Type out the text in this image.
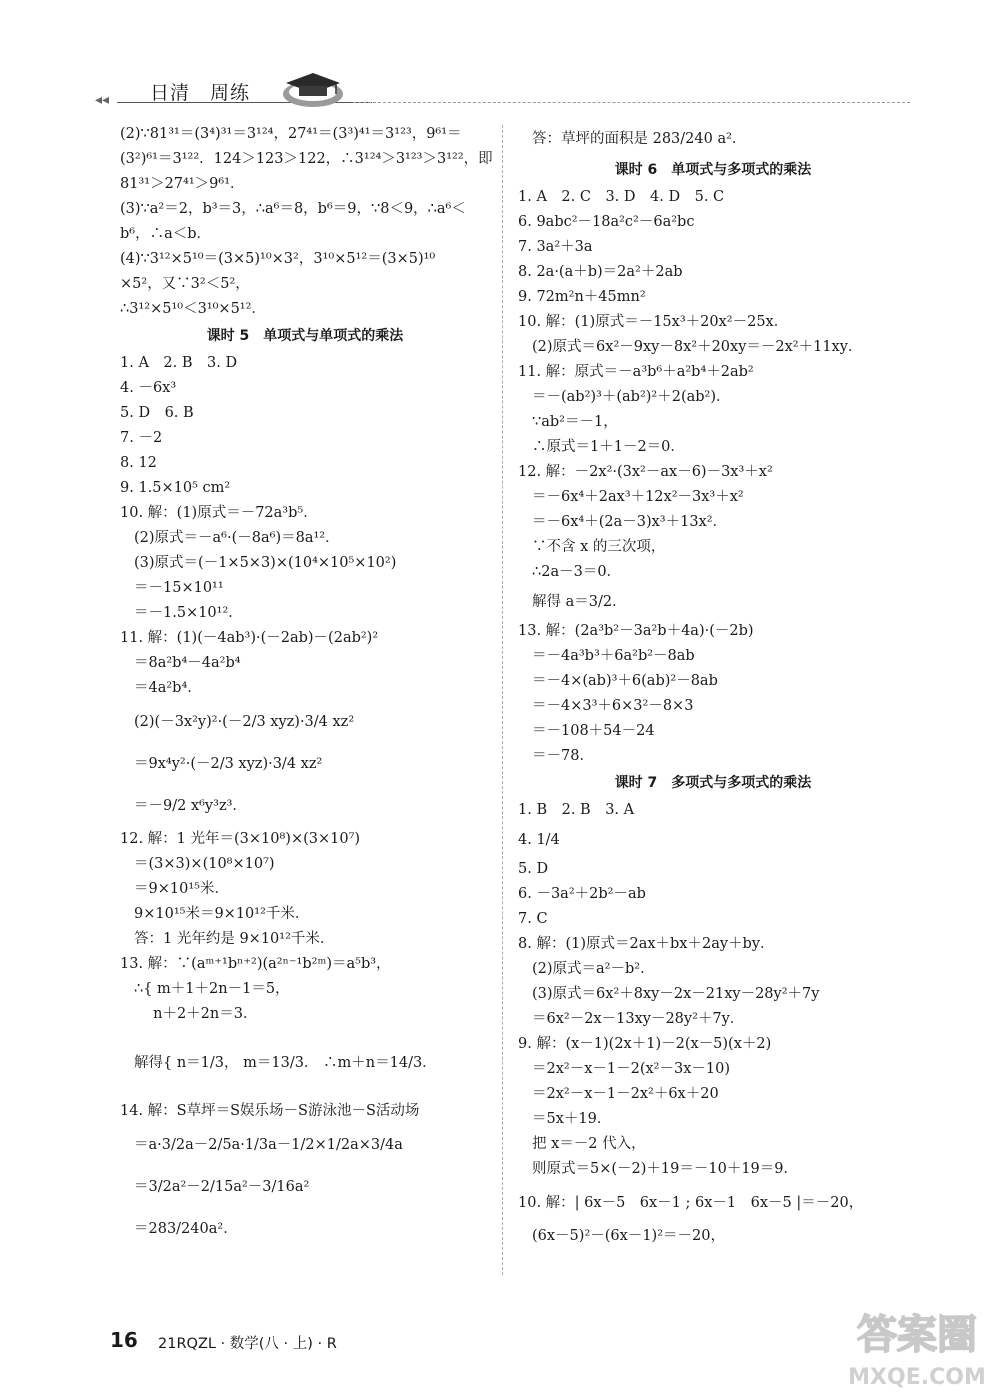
◂◂ 日清　周练
(2)∵81³¹＝(3⁴)³¹＝3¹²⁴，27⁴¹＝(3³)⁴¹＝3¹²³，9⁶¹＝
(3²)⁶¹＝3¹²²．124＞123＞122，∴3¹²⁴＞3¹²³＞3¹²²，即
81³¹＞27⁴¹＞9⁶¹．
(3)∵a²＝2，b³＝3，∴a⁶＝8，b⁶＝9，∵8＜9，∴a⁶＜
b⁶，∴a＜b．
(4)∵3¹²×5¹⁰＝(3×5)¹⁰×3²，3¹⁰×5¹²＝(3×5)¹⁰
×5²，又∵3²＜5²，
∴3¹²×5¹⁰＜3¹⁰×5¹²．
课时 5　单项式与单项式的乘法
1. A　2. B　3. D
4. －6x³
5. D　6. B
7. －2
8. 12
9. 1.5×10⁵ cm²
10. 解：(1)原式＝－72a³b⁵．
(2)原式＝－a⁶·(－8a⁶)＝8a¹²．
(3)原式＝(－1×5×3)×(10⁴×10⁵×10²)
＝－15×10¹¹
＝－1.5×10¹²．
11. 解：(1)(－4ab³)·(－2ab)－(2ab²)²
＝8a²b⁴－4a²b⁴
＝4a²b⁴．
(2)(－3x²y)²·(－2/3 xyz)·3/4 xz²
＝9x⁴y²·(－2/3 xyz)·3/4 xz²
＝－9/2 x⁶y³z³．
12. 解：1 光年＝(3×10⁸)×(3×10⁷)
＝(3×3)×(10⁸×10⁷)
＝9×10¹⁵米．
9×10¹⁵米＝9×10¹²千米．
答：1 光年约是 9×10¹²千米．
13. 解：∵(aᵐ⁺¹bⁿ⁺²)(a²ⁿ⁻¹b²ᵐ)＝a⁵b³，
∴{ m＋1＋2n－1＝5，
　 n＋2＋2n＝3．
解得{ n＝1/3， m＝13/3． ∴m＋n＝14/3．
14. 解：S草坪＝S娱乐场－S游泳池－S活动场
＝a·3/2a－2/5a·1/3a－1/2×1/2a×3/4a
＝3/2a²－2/15a²－3/16a²
＝283/240a²．
答：草坪的面积是 283/240 a²．
课时 6　单项式与多项式的乘法
1. A　2. C　3. D　4. D　5. C
6. 9abc²－18a²c²－6a²bc
7. 3a²＋3a
8. 2a·(a＋b)＝2a²＋2ab
9. 72m²n＋45mn²
10. 解：(1)原式＝－15x³＋20x²－25x．
(2)原式＝6x²－9xy－8x²＋20xy＝－2x²＋11xy．
11. 解：原式＝－a³b⁶＋a²b⁴＋2ab²
＝－(ab²)³＋(ab²)²＋2(ab²)．
∵ab²＝－1，
∴原式＝1＋1－2＝0．
12. 解：－2x²·(3x²－ax－6)－3x³＋x²
＝－6x⁴＋2ax³＋12x²－3x³＋x²
＝－6x⁴＋(2a－3)x³＋13x²．
∵不含 x 的三次项，
∴2a－3＝0．
解得 a＝3/2．
13. 解：(2a³b²－3a²b＋4a)·(－2b)
＝－4a³b³＋6a²b²－8ab
＝－4×(ab)³＋6(ab)²－8ab
＝－4×3³＋6×3²－8×3
＝－108＋54－24
＝－78．
课时 7　多项式与多项式的乘法
1. B　2. B　3. A
4. 1/4
5. D
6. －3a²＋2b²－ab
7. C
8. 解：(1)原式＝2ax＋bx＋2ay＋by．
(2)原式＝a²－b²．
(3)原式＝6x²＋8xy－2x－21xy－28y²＋7y
＝6x²－2x－13xy－28y²＋7y．
9. 解：(x－1)(2x＋1)－2(x－5)(x＋2)
＝2x²－x－1－2(x²－3x－10)
＝2x²－x－1－2x²＋6x＋20
＝5x＋19．
把 x＝－2 代入，
则原式＝5×(－2)＋19＝－10＋19＝9．
10. 解：| 6x－5　6x－1 ; 6x－1　6x－5 |＝－20，
(6x－5)²－(6x－1)²＝－20，
16 21RQZL · 数学(八 · 上) · R	答案圈
MXQE.COM
